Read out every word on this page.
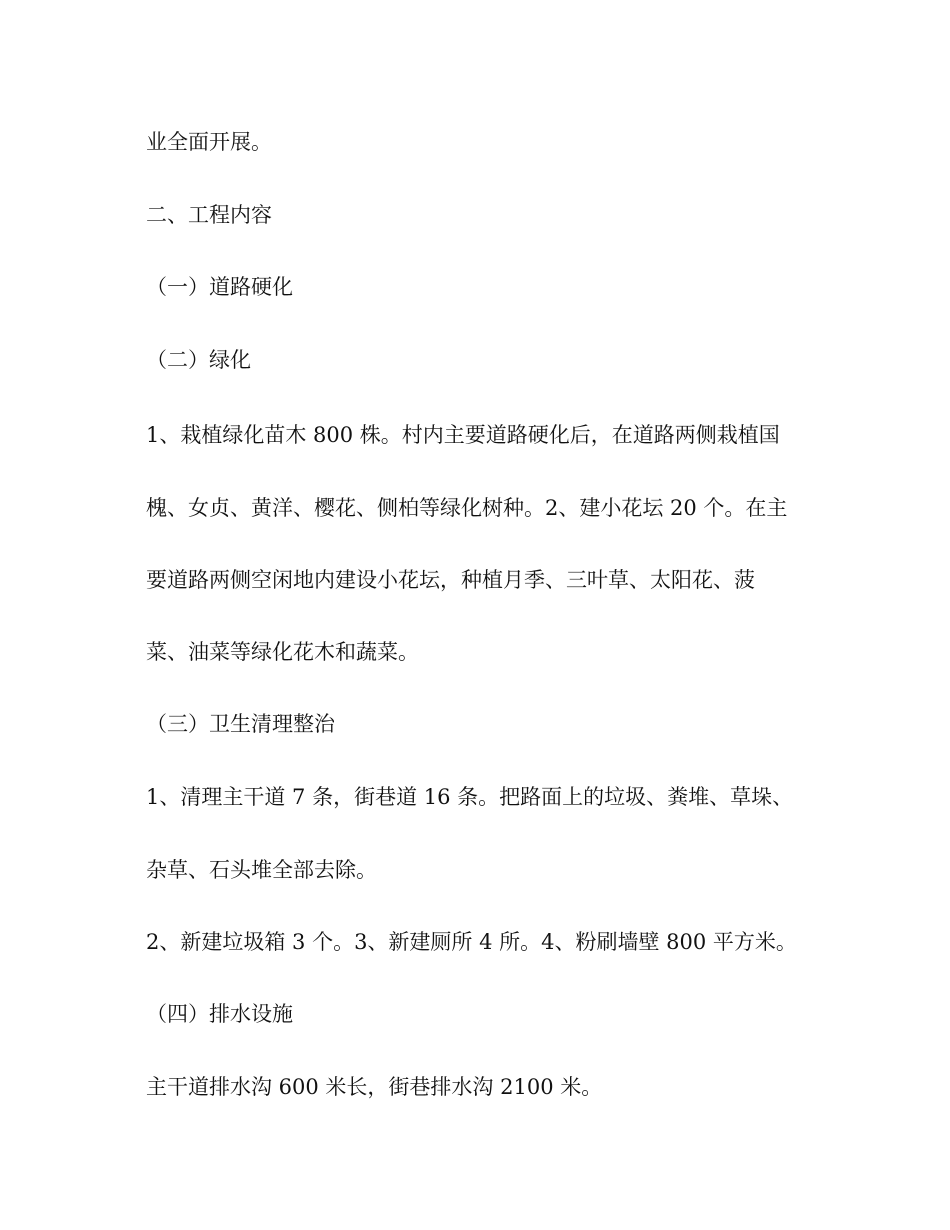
业全面开展。

二、工程内容

（一）道路硬化

（二）绿化

1、栽植绿化苗木 800 株。村内主要道路硬化后，在道路两侧栽植国

槐、女贞、黄洋、樱花、侧柏等绿化树种。2、建小花坛 20 个。在主

要道路两侧空闲地内建设小花坛，种植月季、三叶草、太阳花、菠

菜、油菜等绿化花木和蔬菜。

（三）卫生清理整治

1、清理主干道 7 条，街巷道 16 条。把路面上的垃圾、粪堆、草垛、

杂草、石头堆全部去除。

2、新建垃圾箱 3 个。3、新建厕所 4 所。4、粉刷墙壁 800 平方米。

（四）排水设施

主干道排水沟 600 米长，街巷排水沟 2100 米。
